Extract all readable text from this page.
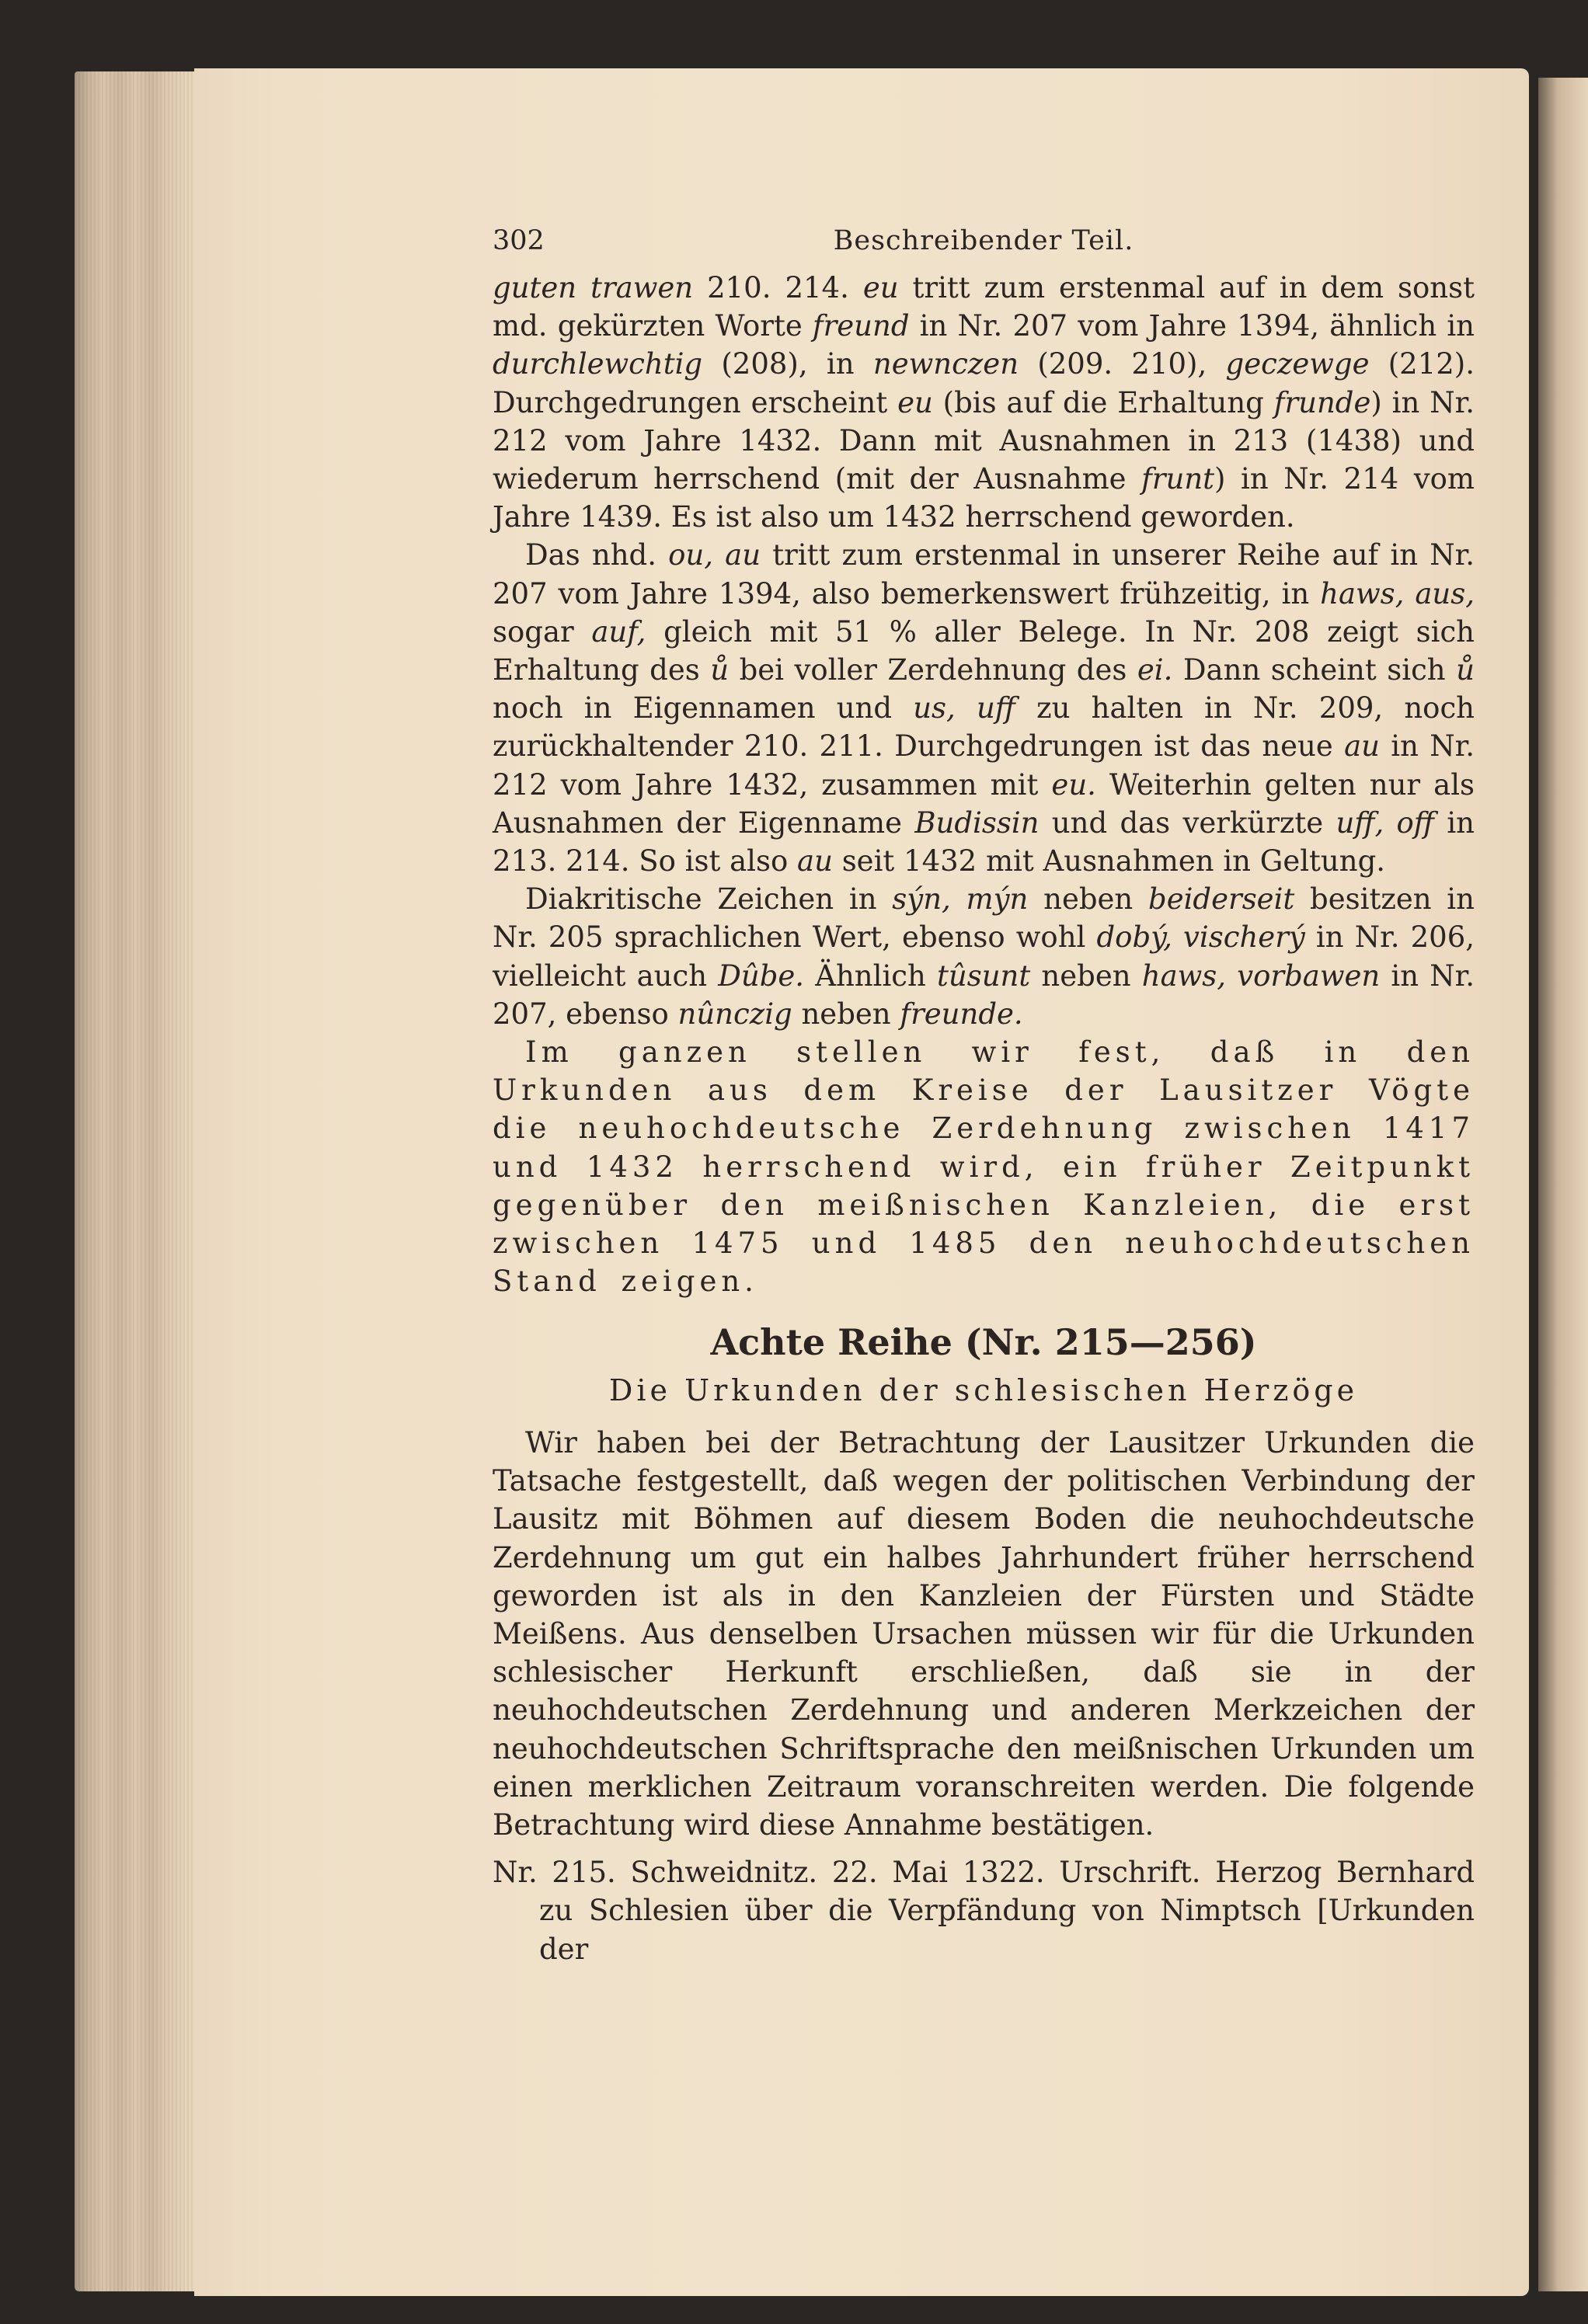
302	Beschreibender Teil.

guten trawen 210. 214. eu tritt zum erstenmal auf in dem sonst md. gekürzten Worte freund in Nr. 207 vom Jahre 1394, ähnlich in durchlewchtig (208), in newnczen (209. 210), geczewge (212). Durchgedrungen erscheint eu (bis auf die Erhaltung frunde) in Nr. 212 vom Jahre 1432. Dann mit Ausnahmen in 213 (1438) und wiederum herrschend (mit der Ausnahme frunt) in Nr. 214 vom Jahre 1439. Es ist also um 1432 herrschend geworden.

Das nhd. ou, au tritt zum erstenmal in unserer Reihe auf in Nr. 207 vom Jahre 1394, also bemerkenswert frühzeitig, in haws, aus, sogar auf, gleich mit 51 % aller Belege. In Nr. 208 zeigt sich Erhaltung des ů bei voller Zerdehnung des ei. Dann scheint sich ů noch in Eigennamen und us, uff zu halten in Nr. 209, noch zurückhaltender 210. 211. Durchgedrungen ist das neue au in Nr. 212 vom Jahre 1432, zusammen mit eu. Weiterhin gelten nur als Ausnahmen der Eigenname Budissin und das verkürzte uff, off in 213. 214. So ist also au seit 1432 mit Ausnahmen in Geltung.

Diakritische Zeichen in sýn, mýn neben beiderseit besitzen in Nr. 205 sprachlichen Wert, ebenso wohl dobý, vischerý in Nr. 206, vielleicht auch Dûbe. Ähnlich tûsunt neben haws, vorbawen in Nr. 207, ebenso nûnczig neben freunde.

Im ganzen stellen wir fest, daß in den Urkunden aus dem Kreise der Lausitzer Vögte die neuhochdeutsche Zerdehnung zwischen 1417 und 1432 herrschend wird, ein früher Zeitpunkt gegenüber den meißnischen Kanzleien, die erst zwischen 1475 und 1485 den neuhochdeutschen Stand zeigen.

Achte Reihe (Nr. 215—256)
Die Urkunden der schlesischen Herzöge

Wir haben bei der Betrachtung der Lausitzer Urkunden die Tatsache festgestellt, daß wegen der politischen Verbindung der Lausitz mit Böhmen auf diesem Boden die neuhochdeutsche Zerdehnung um gut ein halbes Jahrhundert früher herrschend geworden ist als in den Kanzleien der Fürsten und Städte Meißens. Aus denselben Ursachen müssen wir für die Urkunden schlesischer Herkunft erschließen, daß sie in der neuhochdeutschen Zerdehnung und anderen Merkzeichen der neuhochdeutschen Schriftsprache den meißnischen Urkunden um einen merklichen Zeitraum voranschreiten werden. Die folgende Betrachtung wird diese Annahme bestätigen.

Nr. 215. Schweidnitz. 22. Mai 1322. Urschrift. Herzog Bernhard zu Schlesien über die Verpfändung von Nimptsch [Urkunden der
